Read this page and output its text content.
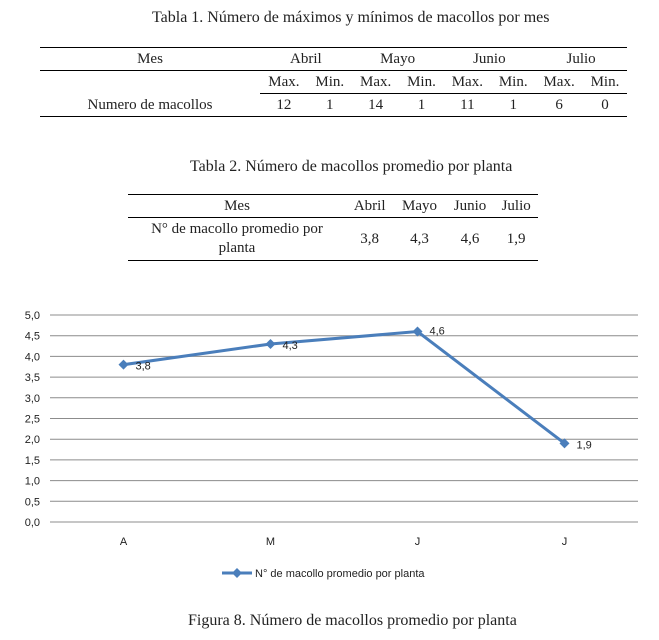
Tabla 1. Número de máximos y mínimos de macollos por mes
Mes	Abril		Mayo		Junio		Julio	
	Max.	Min.	Max.	Min.	Max.	Min.	Max.	Min.
Numero de macollos	12	1	14	1	11	1	6	0
Tabla 2. Número de macollos promedio por planta
Mes	Abril	Mayo	Junio	Julio
N° de macollo promedio por planta	3,8	4,3	4,6	1,9
0,0
0,5
1,0
1,5
2,0
2,5
3,0
3,5
4,0
4,5
5,0
A	M	J	J
3,8
4,3
4,6
1,9
N° de macollo promedio por planta
Figura 8. Número de macollos promedio por planta
